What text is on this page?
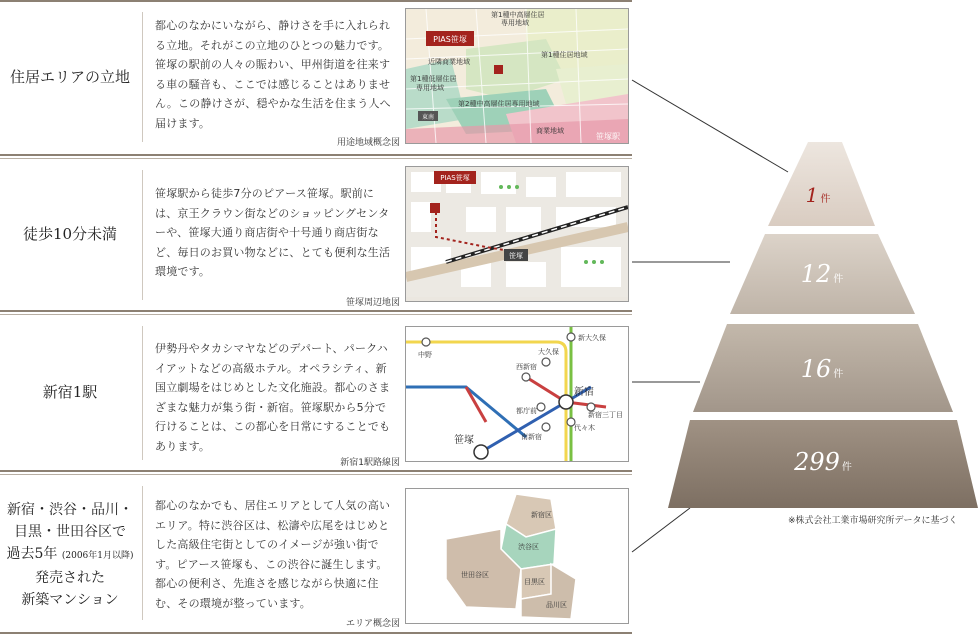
住居エリアの立地
都心のなかにいながら、静けさを手に入れられる立地。それがこの立地のひとつの魅力です。笹塚の駅前の人々の賑わい、甲州街道を往来する車の騒音も、ここでは感じることはありません。この静けさが、穏やかな生活を住まう人へ届けます。
PIAS笹塚
第1種中高層住居
専用地域
第1種住居地域
近隣商業地域
第1種低層住居
専用地域
第2種中高層住居専用地域
商業地域
笹塚駅
東南
用途地域概念図
徒歩10分未満
笹塚駅から徒歩7分のピアース笹塚。駅前には、京王クラウン街などのショッピングセンターや、笹塚大通り商店街や十号通り商店街など、毎日のお買い物などに、とても便利な生活環境です。
PIAS笹塚
笹塚
笹塚周辺地図
新宿1駅
伊勢丹やタカシマヤなどのデパート、パークハイアットなどの高級ホテル。オペラシティ、新国立劇場をはじめとした文化施設。都心のさまざまな魅力が集う街・新宿。笹塚駅から5分で行けることは、この都心を日常にすることでもあります。
中野
新大久保
大久保
西新宿
新宿
都庁前	新宿三丁目
代々木
南新宿
笹塚
新宿1駅路線図
新宿・渋谷・品川・
目黒・世田谷区で
過去5年 (2006年1月以降)
発売された
新築マンション
都心のなかでも、居住エリアとして人気の高いエリア。特に渋谷区は、松濤や広尾をはじめとした高級住宅街としてのイメージが強い街です。ピアース笹塚も、この渋谷に誕生します。都心の便利さ、先進さを感じながら快適に住む、その環境が整っています。
新宿区
渋谷区
世田谷区
目黒区
品川区
エリア概念図
1 件
12 件
16 件
299 件
※株式会社工業市場研究所データに基づく
